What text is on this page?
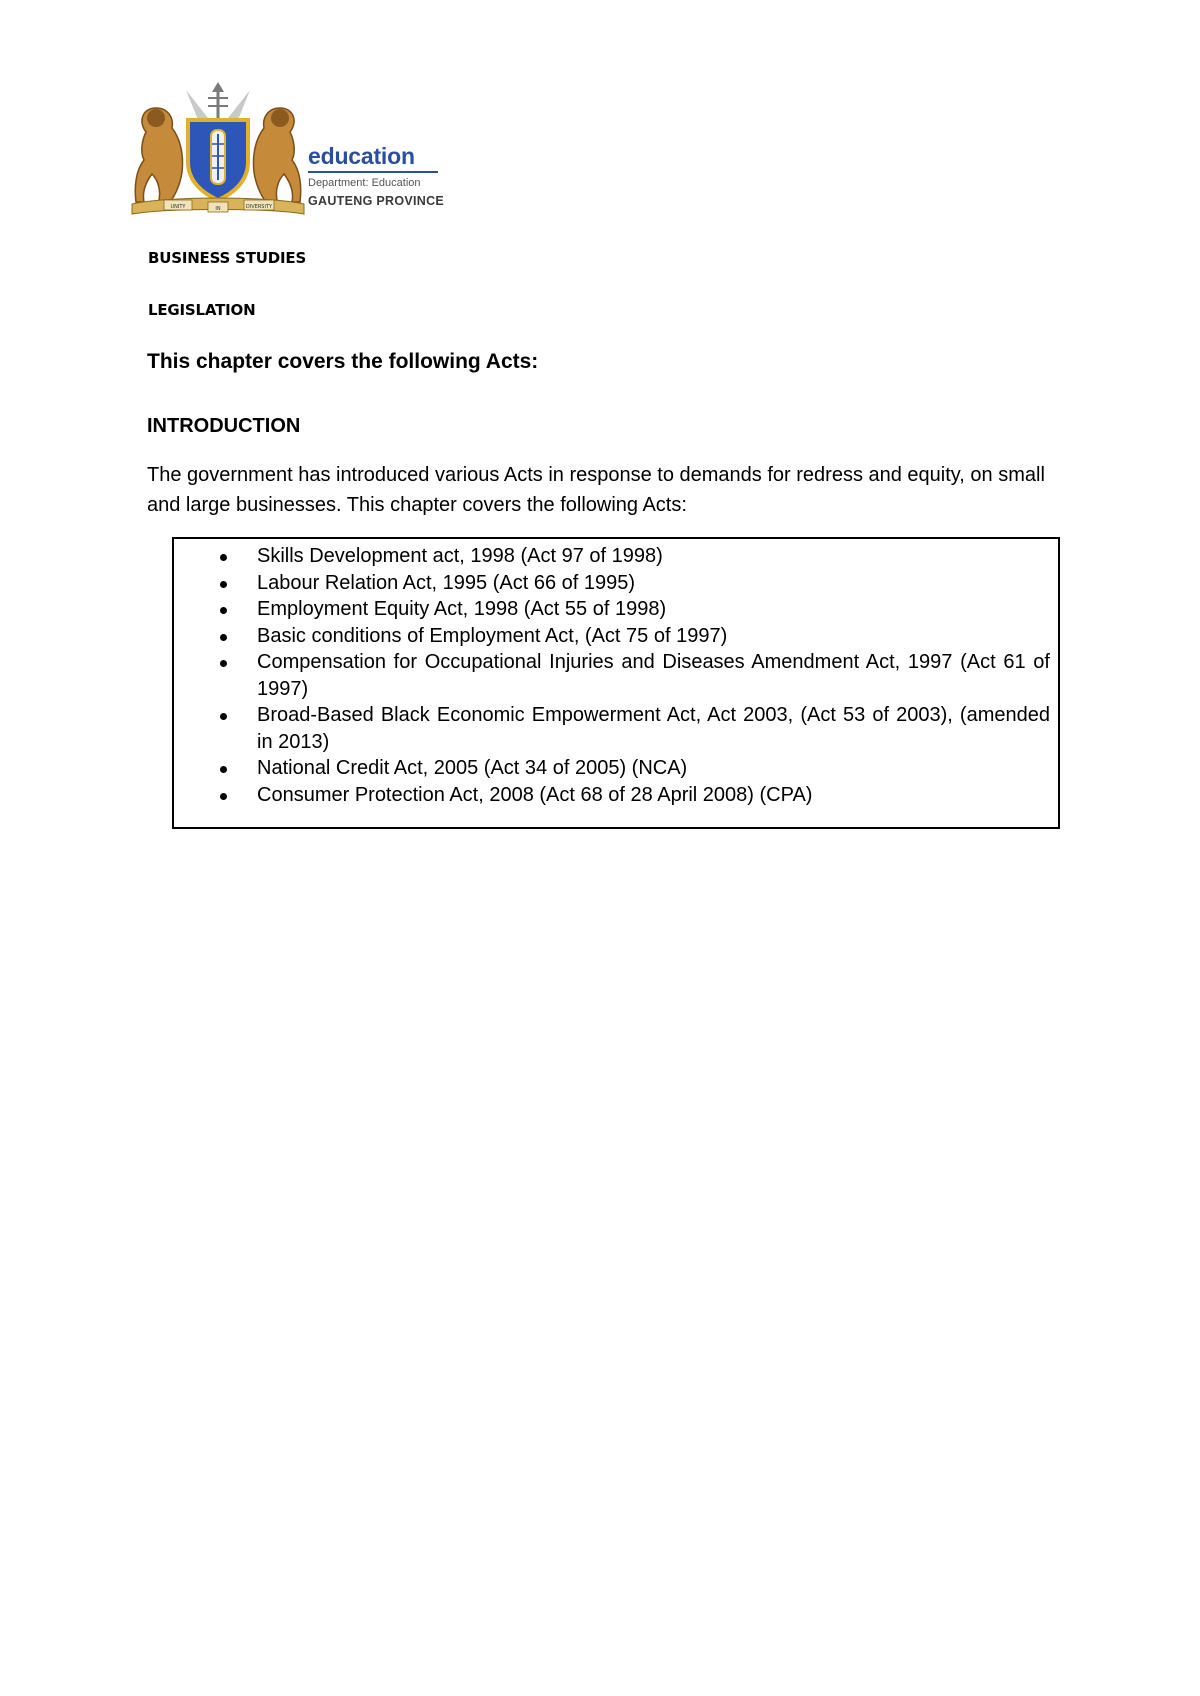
UNITY	IN	DIVERSITY
education
Department: Education
GAUTENG PROVINCE
BUSINESS STUDIES
LEGISLATION
This chapter covers the following Acts:
INTRODUCTION
The government has introduced various Acts in response to demands for redress and equity, on small and large businesses. This chapter covers the following Acts:
Skills Development act, 1998 (Act 97 of 1998)
Labour Relation Act, 1995 (Act 66 of 1995)
Employment Equity Act, 1998 (Act 55 of 1998)
Basic conditions of Employment Act, (Act 75 of 1997)
Compensation for Occupational Injuries and Diseases Amendment Act, 1997 (Act 61 of 1997)
Broad-Based Black Economic Empowerment Act, Act 2003, (Act 53 of 2003), (amended in 2013)
National Credit Act, 2005 (Act 34 of 2005) (NCA)
Consumer Protection Act, 2008 (Act 68 of 28 April 2008) (CPA)
